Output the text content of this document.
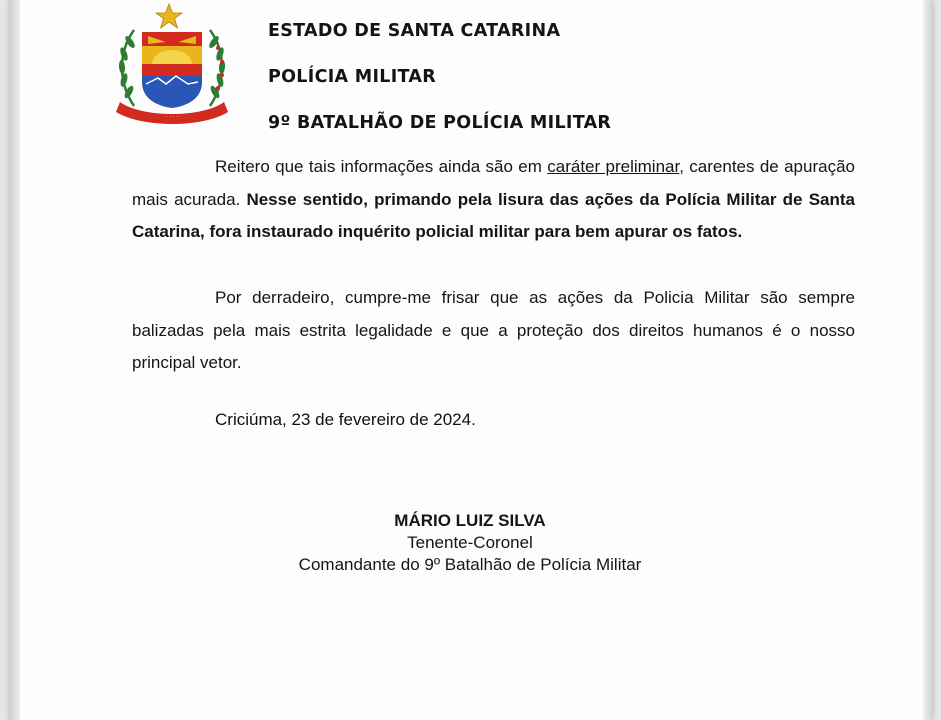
· · · · · ·
ESTADO DE SANTA CATARINA
POLÍCIA MILITAR
9º BATALHÃO DE POLÍCIA MILITAR
Reitero que tais informações ainda são em caráter preliminar, carentes de apuração mais acurada. Nesse sentido, primando pela lisura das ações da Polícia Militar de Santa Catarina, fora instaurado inquérito policial militar para bem apurar os fatos.
Por derradeiro, cumpre-me frisar que as ações da Policia Militar são sempre balizadas pela mais estrita legalidade e que a proteção dos direitos humanos é o nosso principal vetor.
Criciúma, 23 de fevereiro de 2024.
MÁRIO LUIZ SILVA
Tenente-Coronel
Comandante do 9º Batalhão de Polícia Militar
